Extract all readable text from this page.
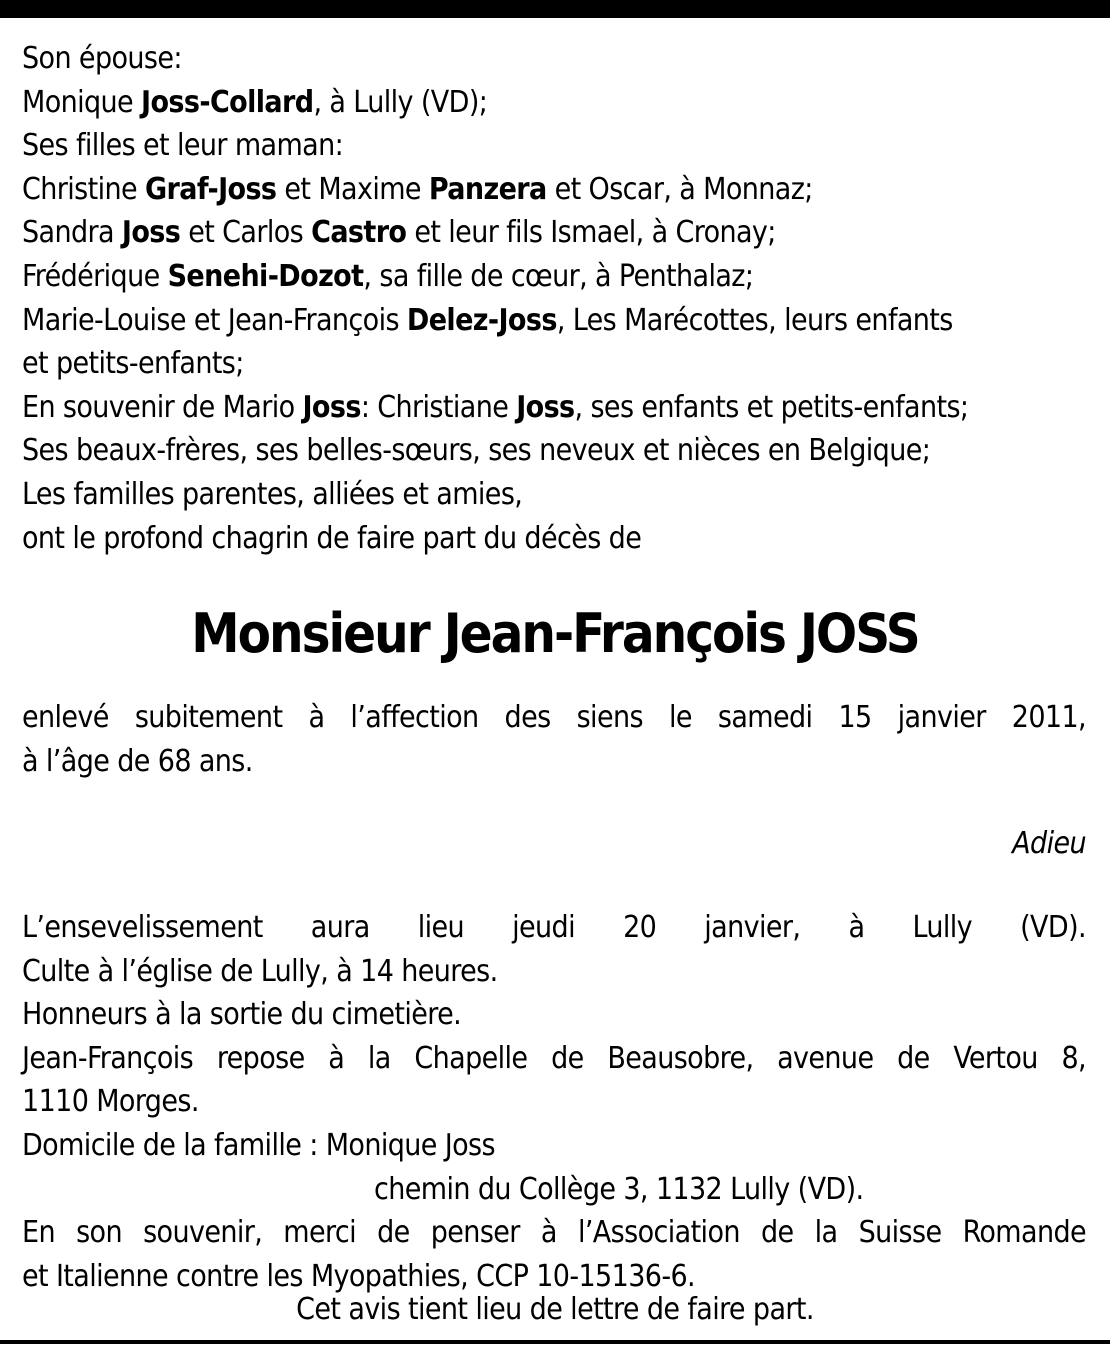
Son épouse:
Monique Joss-Collard, à Lully (VD);
Ses filles et leur maman:
Christine Graf-Joss et Maxime Panzera et Oscar, à Monnaz;
Sandra Joss et Carlos Castro et leur fils Ismael, à Cronay;
Frédérique Senehi-Dozot, sa fille de cœur, à Penthalaz;
Marie-Louise et Jean-François Delez-Joss, Les Marécottes, leurs enfants
et petits-enfants;
En souvenir de Mario Joss: Christiane Joss, ses enfants et petits-enfants;
Ses beaux-frères, ses belles-sœurs, ses neveux et nièces en Belgique;
Les familles parentes, alliées et amies,
ont le profond chagrin de faire part du décès de
Monsieur Jean-François JOSS
enlevé subitement à l’affection des siens le samedi 15 janvier 2011,
à l’âge de 68 ans.
Adieu
L’ensevelissement aura lieu jeudi 20 janvier, à Lully (VD).
Culte à l’église de Lully, à 14 heures.
Honneurs à la sortie du cimetière.
Jean-François repose à la Chapelle de Beausobre, avenue de Vertou 8,
1110 Morges.
Domicile de la famille : Monique Joss
chemin du Collège 3, 1132 Lully (VD).
En son souvenir, merci de penser à l’Association de la Suisse Romande
et Italienne contre les Myopathies, CCP 10-15136-6.
Cet avis tient lieu de lettre de faire part.
